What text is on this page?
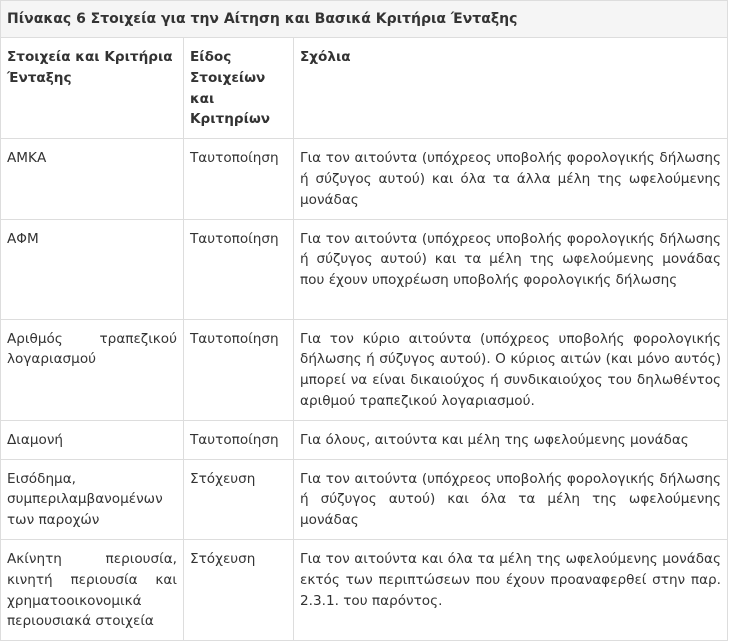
Πίνακας 6 Στοιχεία για την Αίτηση και Βασικά Κριτήρια Ένταξης		
Στοιχεία και Κριτήρια Ένταξης	Είδος Στοιχείων και Κριτηρίων	Σχόλια
ΑΜΚΑ	Ταυτοποίηση	Για τον αιτούντα (υπόχρεος υποβολής φορολογικής δήλωσης ή σύζυγος αυτού) και όλα τα άλλα μέλη της ωφελούμενης μονάδας
ΑΦΜ	Ταυτοποίηση	Για τον αιτούντα (υπόχρεος υποβολής φορολογικής δήλωσης ή σύζυγος αυτού) και τα μέλη της ωφελούμενης μονάδας που έχουν υποχρέωση υποβολής φορολογικής δήλωσης
Αριθμός τραπεζικού λογαριασμού	Ταυτοποίηση	Για τον κύριο αιτούντα (υπόχρεος υποβολής φορολογικής δήλωσης ή σύζυγος αυτού). Ο κύριος αιτών (και μόνο αυτός) μπορεί να είναι δικαιούχος ή συνδικαιούχος του δηλωθέντος αριθμού τραπεζικού λογαριασμού.
Διαμονή	Ταυτοποίηση	Για όλους, αιτούντα και μέλη της ωφελούμενης μονάδας
Εισόδημα, συμπεριλαμβανομένων των παροχών	Στόχευση	Για τον αιτούντα (υπόχρεος υποβολής φορολογικής δήλωσης ή σύζυγος αυτού) και όλα τα μέλη της ωφελούμενης μονάδας
Ακίνητη περιουσία, κινητή περιουσία και χρηματοοικονομικά περιουσιακά στοιχεία	Στόχευση	Για τον αιτούντα και όλα τα μέλη της ωφελούμενης μονάδας εκτός των περιπτώσεων που έχουν προαναφερθεί στην παρ. 2.3.1. του παρόντος.
